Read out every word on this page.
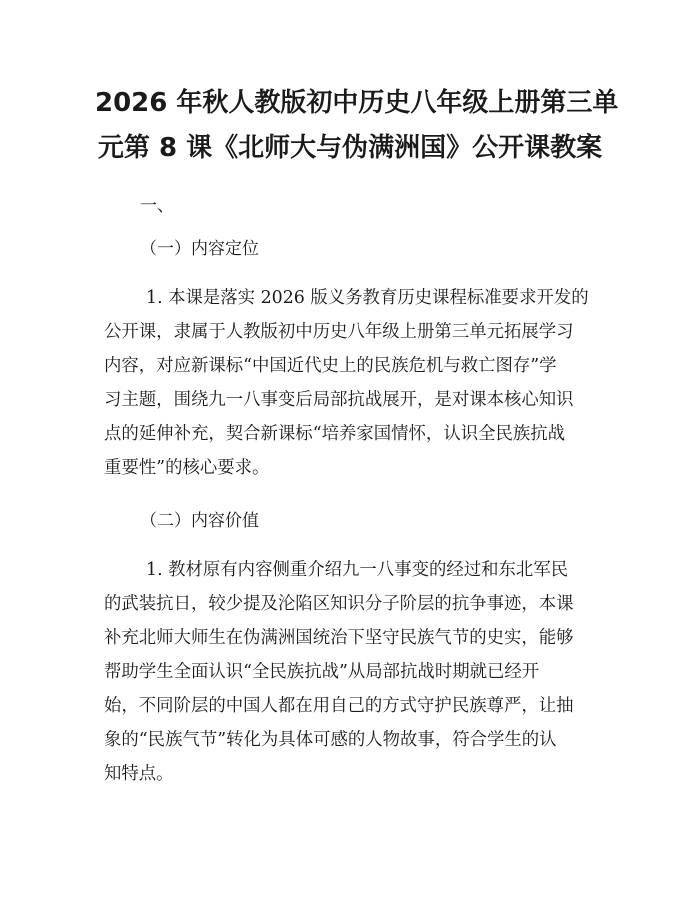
2026 年秋人教版初中历史八年级上册第三单
元第 8 课《北师大与伪满洲国》公开课教案

一、

（一）内容定位

1. 本课是落实 2026 版义务教育历史课程标准要求开发的

公开课，隶属于人教版初中历史八年级上册第三单元拓展学习

内容，对应新课标“中国近代史上的民族危机与救亡图存”学

习主题，围绕九一八事变后局部抗战展开，是对课本核心知识

点的延伸补充，契合新课标“培养家国情怀，认识全民族抗战

重要性”的核心要求。

（二）内容价值

1. 教材原有内容侧重介绍九一八事变的经过和东北军民

的武装抗日，较少提及沦陷区知识分子阶层的抗争事迹，本课

补充北师大师生在伪满洲国统治下坚守民族气节的史实，能够

帮助学生全面认识“全民族抗战”从局部抗战时期就已经开

始，不同阶层的中国人都在用自己的方式守护民族尊严，让抽

象的“民族气节”转化为具体可感的人物故事，符合学生的认

知特点。
